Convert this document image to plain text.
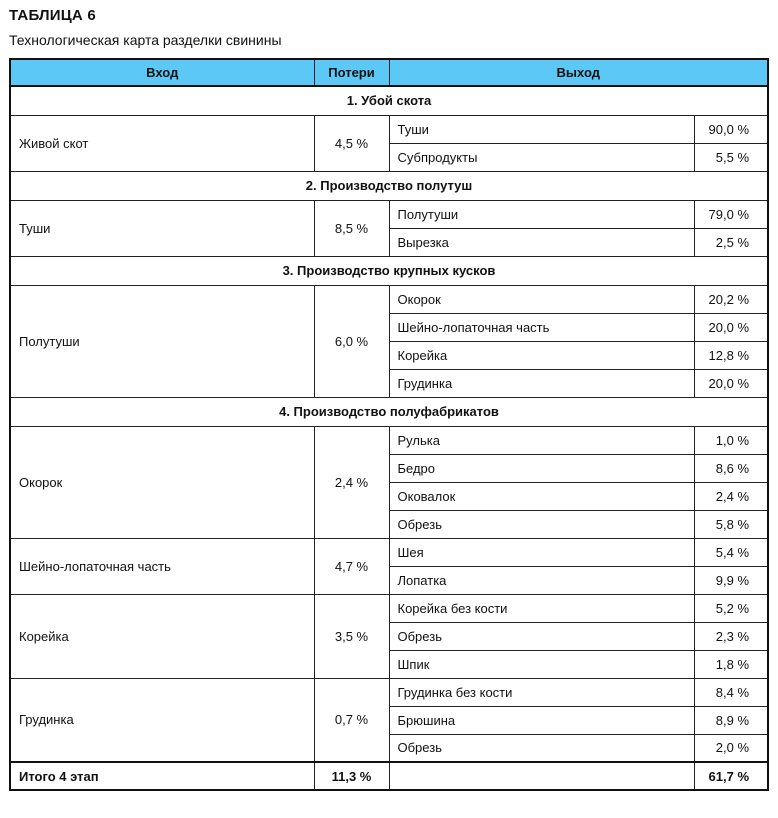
ТАБЛИЦА 6
Технологическая карта разделки свинины
Вход	Потери	Выход	
1. Убой скота			
Живой скот	4,5 %	Туши	90,0 %
		Субпродукты	5,5 %
2. Производство полутуш			
Туши	8,5 %	Полутуши	79,0 %
		Вырезка	2,5 %
3. Производство крупных кусков			
Полутуши	6,0 %	Окорок	20,2 %
		Шейно-лопаточная часть	20,0 %
		Корейка	12,8 %
		Грудинка	20,0 %
4. Производство полуфабрикатов			
Окорок	2,4 %	Рулька	1,0 %
		Бедро	8,6 %
		Оковалок	2,4 %
		Обрезь	5,8 %
Шейно-лопаточная часть	4,7 %	Шея	5,4 %
		Лопатка	9,9 %
Корейка	3,5 %	Корейка без кости	5,2 %
		Обрезь	2,3 %
		Шпик	1,8 %
Грудинка	0,7 %	Грудинка без кости	8,4 %
		Брюшина	8,9 %
		Обрезь	2,0 %
Итого 4 этап	11,3 %		61,7 %
